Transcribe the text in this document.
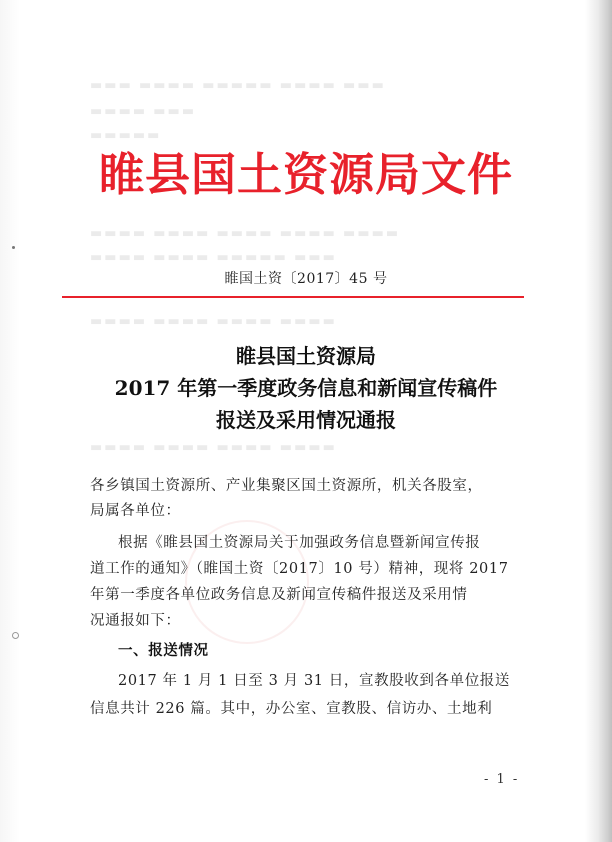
▬▬▬ ▬▬▬▬ ▬▬▬▬▬ ▬▬▬▬ ▬▬▬
▬▬▬▬ ▬▬▬
▬▬▬▬▬
▬▬▬▬ ▬▬▬▬ ▬▬▬▬ ▬▬▬▬ ▬▬▬▬
▬▬▬▬ ▬▬▬▬ ▬▬▬▬▬ ▬▬▬
▬▬▬▬ ▬▬▬▬ ▬▬▬▬ ▬▬▬▬
▬▬▬▬ ▬▬▬▬ ▬▬▬▬ ▬▬▬▬
睢县国土资源局文件
睢国土资〔2017〕45 号
睢县国土资源局
2017 年第一季度政务信息和新闻宣传稿件
报送及采用情况通报
各乡镇国土资源所、产业集聚区国土资源所，机关各股室，
局属各单位：
根据《睢县国土资源局关于加强政务信息暨新闻宣传报
道工作的通知》（睢国土资〔2017〕10 号）精神，现将 2017
年第一季度各单位政务信息及新闻宣传稿件报送及采用情
况通报如下：
一、报送情况
2017 年 1 月 1 日至 3 月 31 日，宣教股收到各单位报送
信息共计 226 篇。其中，办公室、宣教股、信访办、土地利
- 1 -
